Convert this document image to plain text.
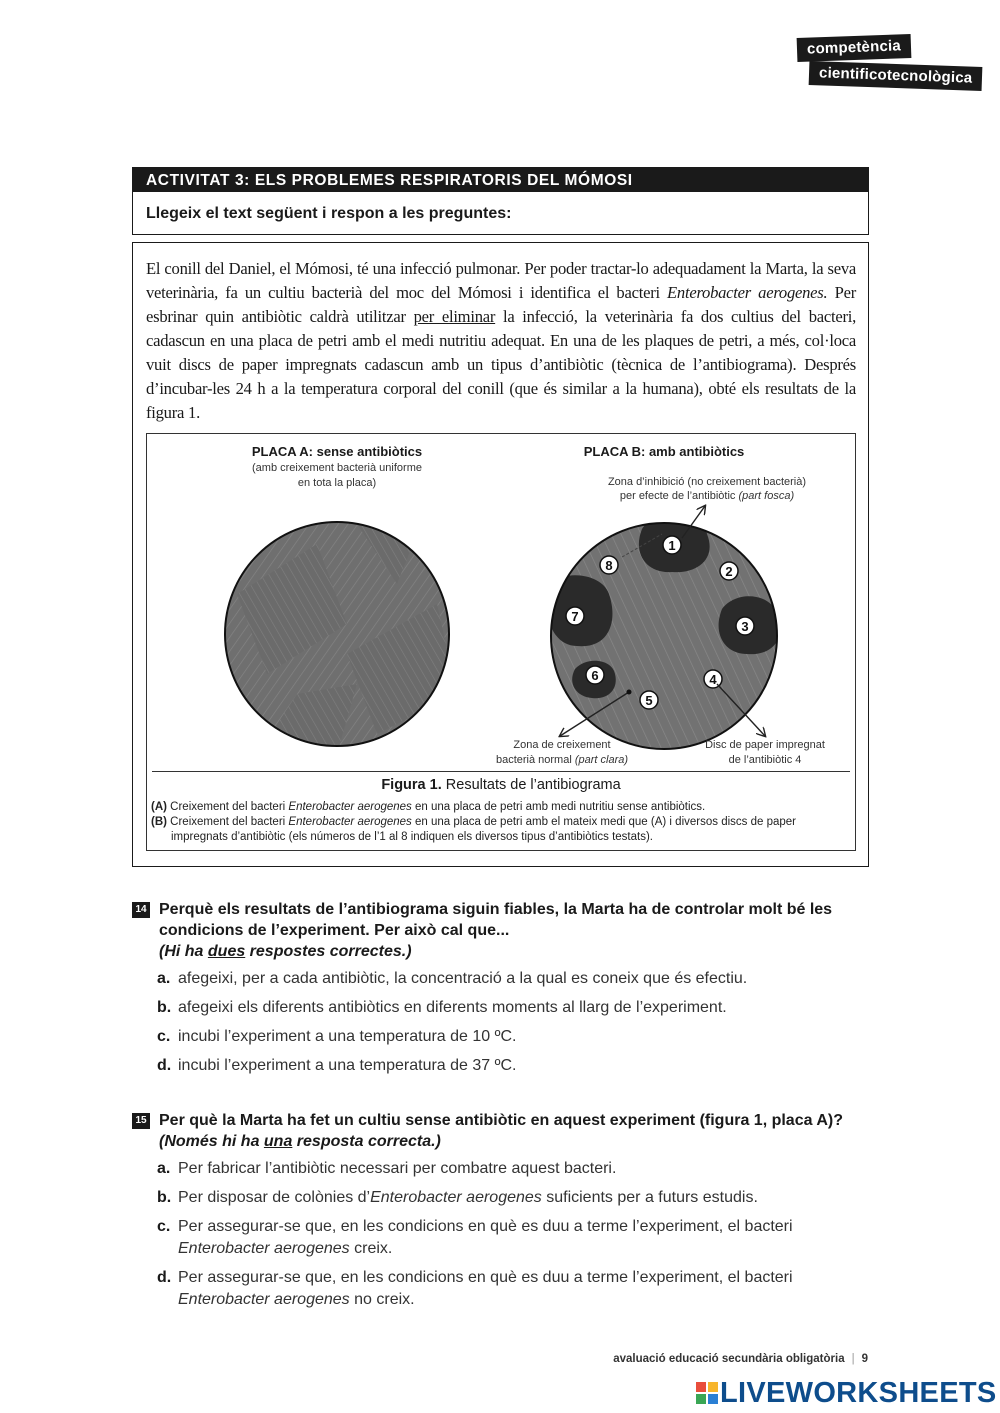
competència
cientificotecnològica
ACTIVITAT 3: ELS PROBLEMES RESPIRATORIS DEL MÓMOSI
Llegeix el text següent i respon a les preguntes:
El conill del Daniel, el Mómosi, té una infecció pulmonar. Per poder tractar-lo adequadament la Marta, la seva veterinària, fa un cultiu bacterià del moc del Mómosi i identifica el bacteri Enterobacter aerogenes. Per esbrinar quin antibiòtic caldrà utilitzar per eliminar la infecció, la veterinària fa dos cultius del bacteri, cadascun en una placa de petri amb el medi nutritiu adequat. En una de les plaques de petri, a més, col·loca vuit discs de paper impregnats cadascun amb un tipus d’antibiòtic (tècnica de l’antibiograma). Després d’incubar-les 24 h a la temperatura corporal del conill (que és similar a la humana), obté els resultats de la figura 1.
PLACA A: sense antibiòtics
(amb creixement bacterià uniforme
en tota la placa)
PLACA B: amb antibiòtics
Zona d’inhibició (no creixement bacterià)
per efecte de l’antibiòtic (part fosca)
1
2
3
4
5
6
7
8
Zona de creixement
bacterià normal (part clara)
Disc de paper impregnat
de l’antibiòtic 4
Figura 1. Resultats de l’antibiograma
(A) Creixement del bacteri Enterobacter aerogenes en una placa de petri amb medi nutritiu sense antibiòtics.
(B) Creixement del bacteri Enterobacter aerogenes en una placa de petri amb el mateix medi que (A) i diversos discs de paper impregnats d’antibiòtic (els números de l’1 al 8 indiquen els diversos tipus d’antibiòtics testats).
14 Perquè els resultats de l’antibiograma siguin fiables, la Marta ha de controlar molt bé les condicions de l’experiment. Per això cal que...
(Hi ha dues respostes correctes.)
a. afegeixi, per a cada antibiòtic, la concentració a la qual es coneix que és efectiu.
b. afegeixi els diferents antibiòtics en diferents moments al llarg de l’experiment.
c. incubi l’experiment a una temperatura de 10 ºC.
d. incubi l’experiment a una temperatura de 37 ºC.
15 Per què la Marta ha fet un cultiu sense antibiòtic en aquest experiment (figura 1, placa A)?
(Només hi ha una resposta correcta.)
a. Per fabricar l’antibiòtic necessari per combatre aquest bacteri.
b. Per disposar de colònies d’Enterobacter aerogenes suficients per a futurs estudis.
c. Per assegurar-se que, en les condicions en què es duu a terme l’experiment, el bacteri Enterobacter aerogenes creix.
d. Per assegurar-se que, en les condicions en què es duu a terme l’experiment, el bacteri Enterobacter aerogenes no creix.
avaluació educació secundària obligatòria | 9
LIVEWORKSHEETS
